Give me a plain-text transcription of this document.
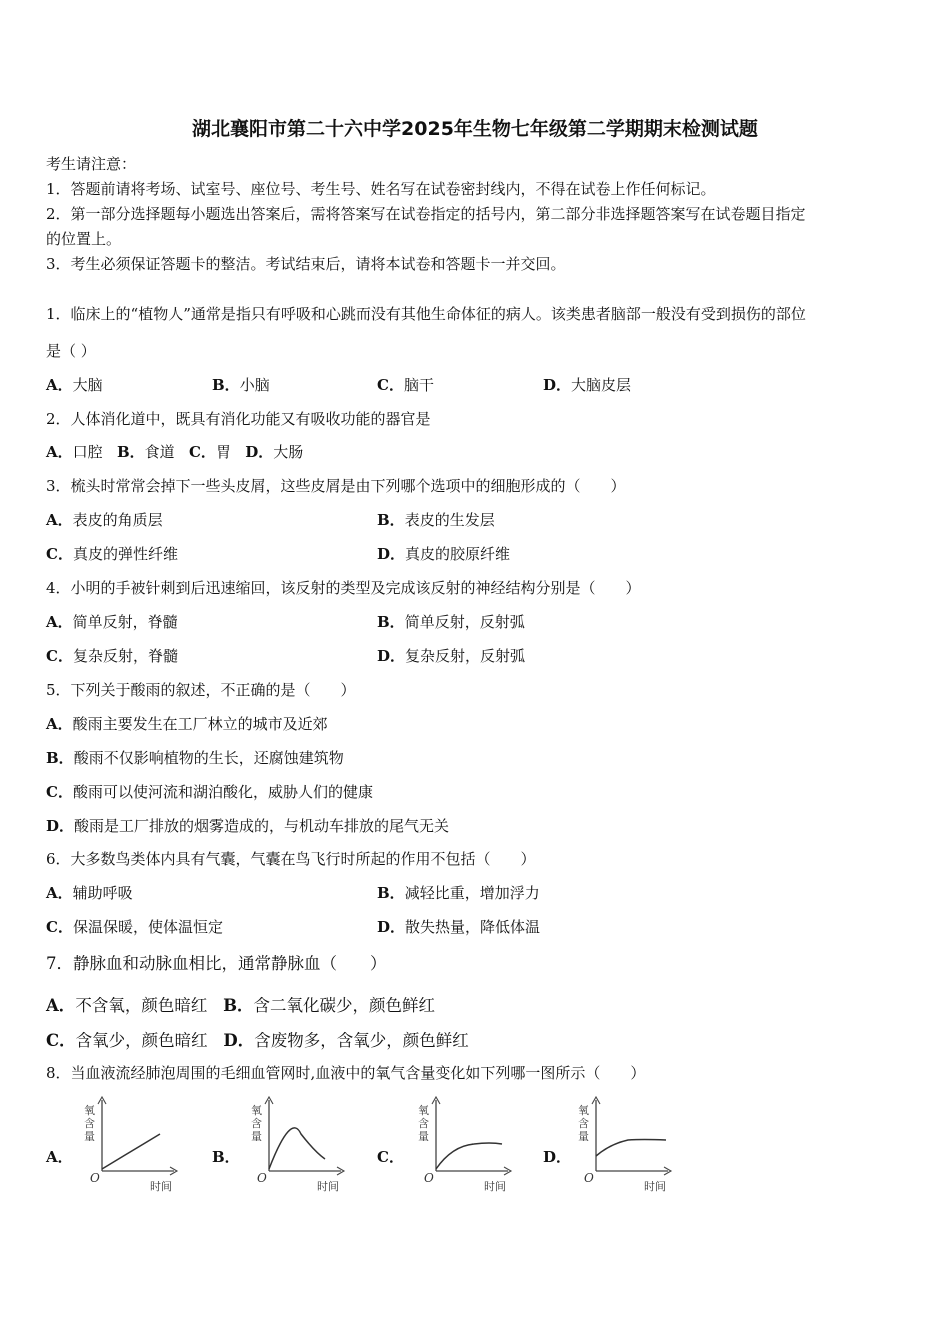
湖北襄阳市第二十六中学2025年生物七年级第二学期期末检测试题
考生请注意：
1．答题前请将考场、试室号、座位号、考生号、姓名写在试卷密封线内，不得在试卷上作任何标记。
2．第一部分选择题每小题选出答案后，需将答案写在试卷指定的括号内，第二部分非选择题答案写在试卷题目指定
的位置上。
3．考生必须保证答题卡的整洁。考试结束后，请将本试卷和答题卡一并交回。
1．临床上的“植物人”通常是指只有呼吸和心跳而没有其他生命体征的病人。该类患者脑部一般没有受到损伤的部位
是（ ）
A．大脑	B．小脑	C．脑干	D．大脑皮层
2．人体消化道中，既具有消化功能又有吸收功能的器官是
A．口腔 B．食道 C．胃 D．大肠
3．梳头时常常会掉下一些头皮屑，这些皮屑是由下列哪个选项中的细胞形成的（　　）
A．表皮的角质层	B．表皮的生发层
C．真皮的弹性纤维	D．真皮的胶原纤维
4．小明的手被针刺到后迅速缩回，该反射的类型及完成该反射的神经结构分别是（　　）
A．简单反射，脊髓	B．简单反射，反射弧
C．复杂反射，脊髓	D．复杂反射，反射弧
5．下列关于酸雨的叙述，不正确的是（　　）
A．酸雨主要发生在工厂林立的城市及近郊
B．酸雨不仅影响植物的生长，还腐蚀建筑物
C．酸雨可以使河流和湖泊酸化，威胁人们的健康
D．酸雨是工厂排放的烟雾造成的，与机动车排放的尾气无关
6．大多数鸟类体内具有气囊，气囊在鸟飞行时所起的作用不包括（　　）
A．辅助呼吸	B．减轻比重，增加浮力
C．保温保暖，使体温恒定	D．散失热量，降低体温
7．静脉血和动脉血相比，通常静脉血（　　）
A．不含氧，颜色暗红 B．含二氧化碳少，颜色鲜红
C．含氧少，颜色暗红 D．含废物多，含氧少，颜色鲜红
8．当血液流经肺泡周围的毛细血管网时,血液中的氧气含量变化如下列哪一图所示（　　）
A．	B．	C．	D．
氧
含
量
O
时间
氧
含
量
O
时间
氧
含
量
O
时间
氧
含
量
O
时间
